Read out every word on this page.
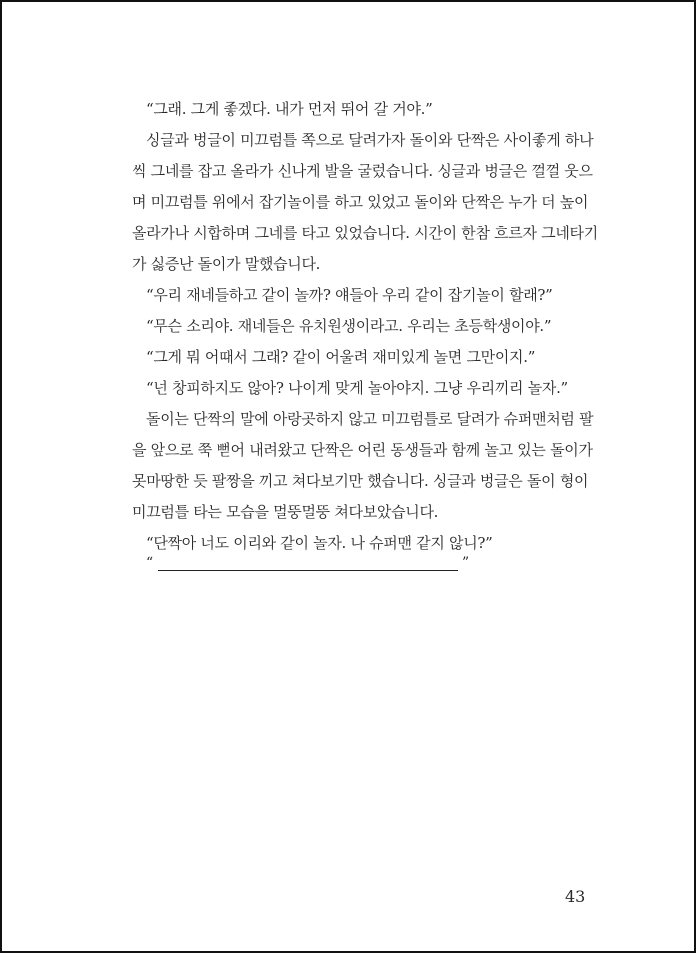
“그래. 그게 좋겠다. 내가 먼저 뛰어 갈 거야.”
싱글과 벙글이 미끄럼틀 쪽으로 달려가자 돌이와 단짝은 사이좋게 하나
씩 그네를 잡고 올라가 신나게 발을 굴렀습니다. 싱글과 벙글은 껄껄 웃으
며 미끄럼틀 위에서 잡기놀이를 하고 있었고 돌이와 단짝은 누가 더 높이
올라가나 시합하며 그네를 타고 있었습니다. 시간이 한참 흐르자 그네타기
가 싫증난 돌이가 말했습니다.
“우리 재네들하고 같이 놀까? 얘들아 우리 같이 잡기놀이 할래?”
“무슨 소리야. 재네들은 유치원생이라고. 우리는 초등학생이야.”
“그게 뭐 어때서 그래? 같이 어울려 재미있게 놀면 그만이지.”
“넌 창피하지도 않아? 나이게 맞게 놀아야지. 그냥 우리끼리 놀자.”
돌이는 단짝의 말에 아랑곳하지 않고 미끄럼틀로 달려가 슈퍼맨처럼 팔
을 앞으로 쭉 뻗어 내려왔고 단짝은 어린 동생들과 함께 놀고 있는 돌이가
못마땅한 듯 팔짱을 끼고 쳐다보기만 했습니다. 싱글과 벙글은 돌이 형이
미끄럼틀 타는 모습을 멀뚱멀뚱 쳐다보았습니다.
“단짝아 너도 이리와 같이 놀자. 나 슈퍼맨 같지 않니?”
“	”
43
